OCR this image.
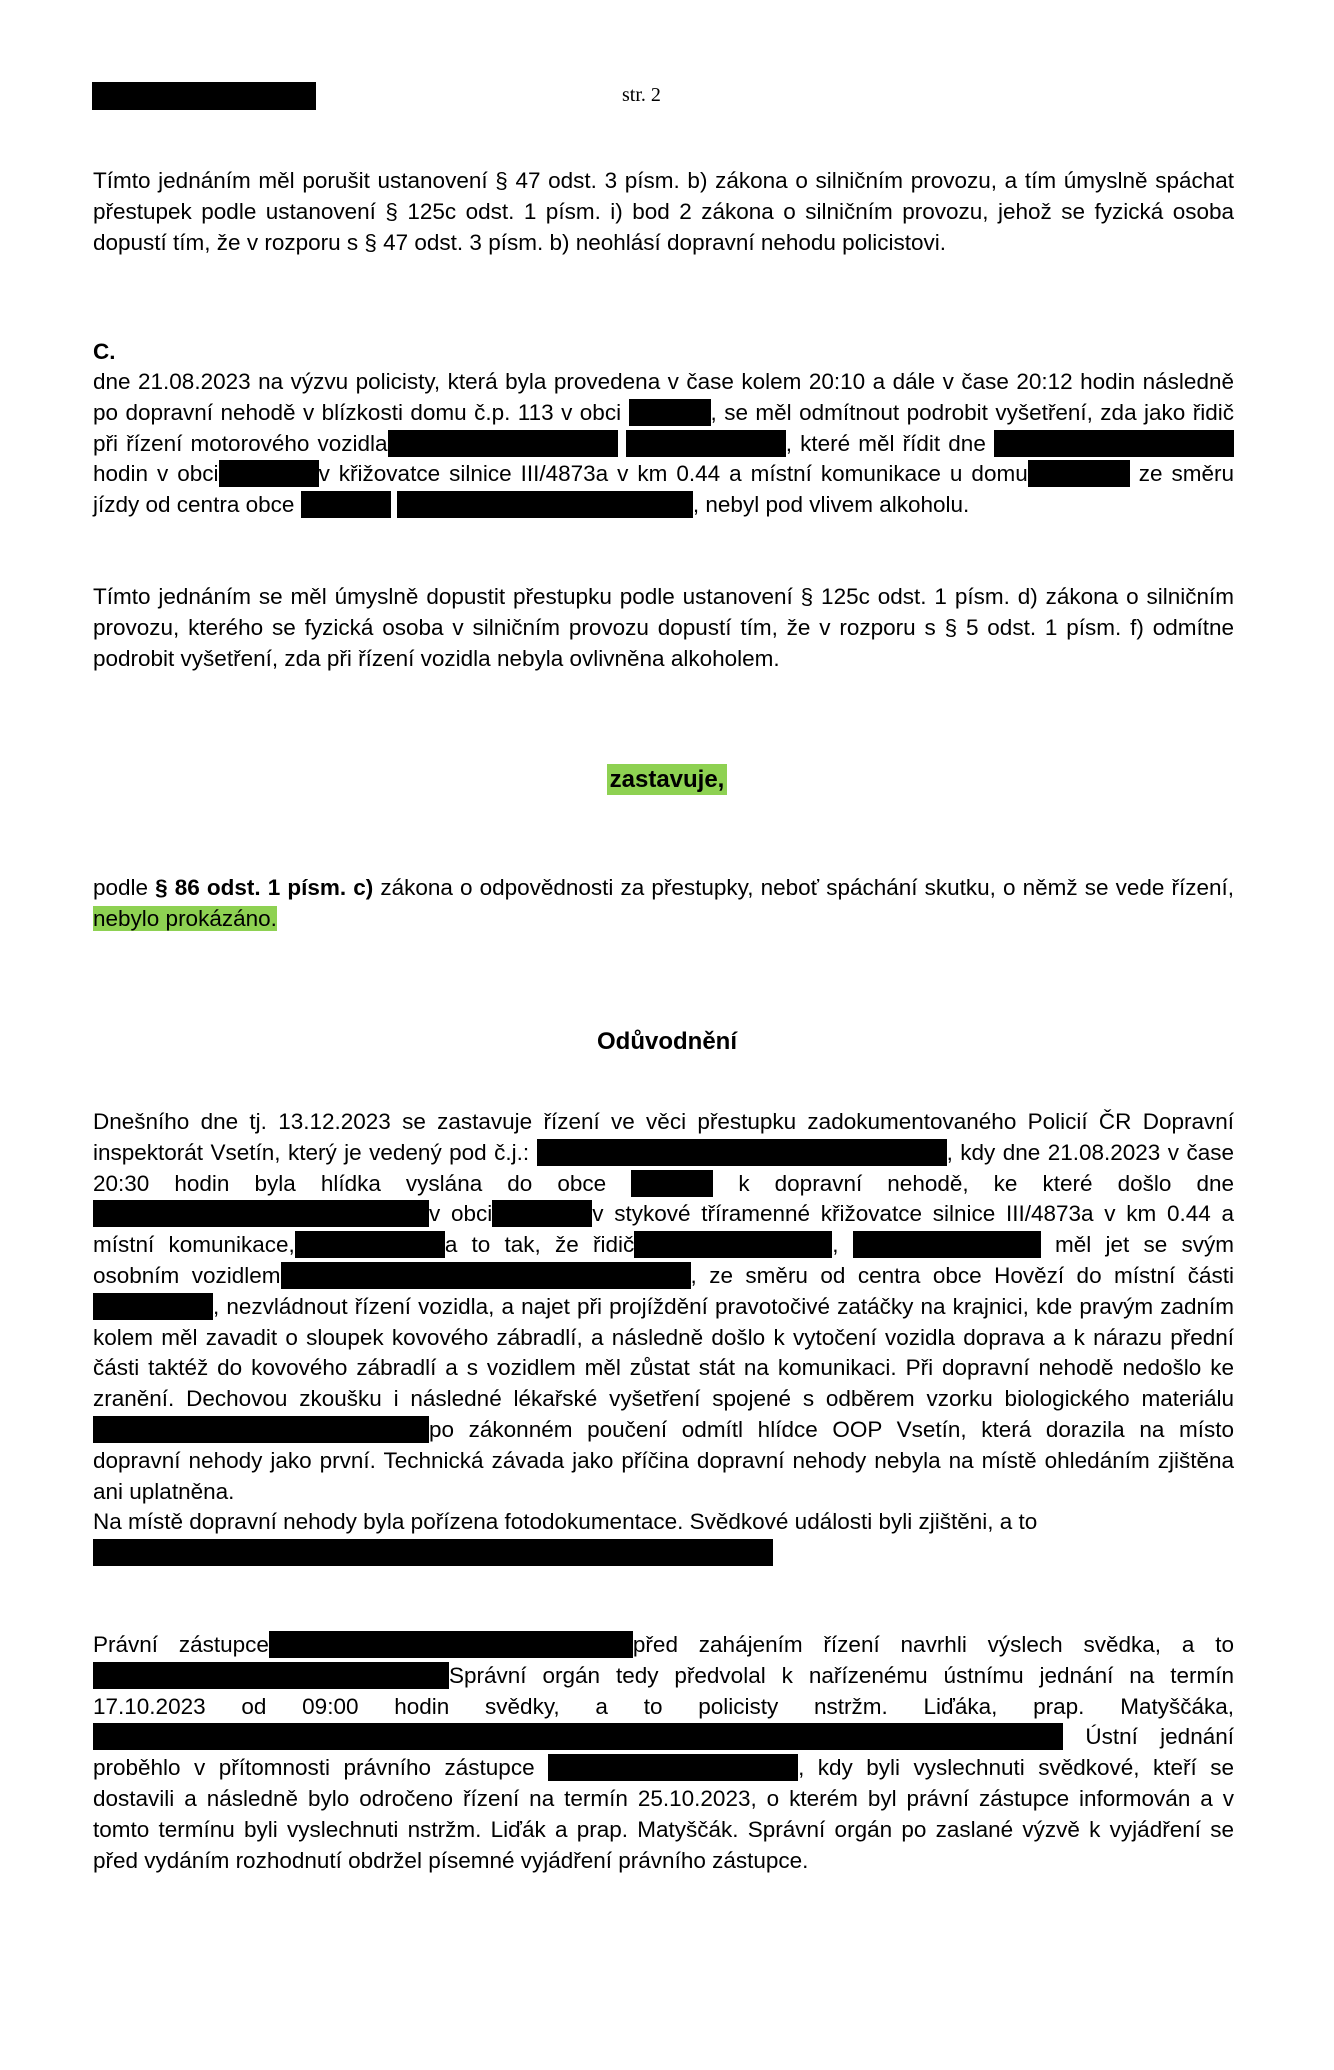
str. 2

Tímto jednáním měl porušit ustanovení § 47 odst. 3 písm. b) zákona o silničním provozu, a tím úmyslně spáchat přestupek podle ustanovení § 125c odst. 1 písm. i) bod 2 zákona o silničním provozu, jehož se fyzická osoba dopustí tím, že v rozporu s § 47 odst. 3 písm. b) neohlásí dopravní nehodu policistovi.

C.

dne 21.08.2023 na výzvu policisty, která byla provedena v čase kolem 20:10 a dále v čase 20:12 hodin následně po dopravní nehodě v blízkosti domu č.p. 113 v obci	, se měl odmítnout podrobit vyšetření, zda jako řidič při řízení motorového vozidla	, které měl řídit dne hodin v obci	v křižovatce silnice III/4873a v km 0.44 a místní komunikace u domu	ze směru jízdy od centra obce	, nebyl pod vlivem alkoholu.

Tímto jednáním se měl úmyslně dopustit přestupku podle ustanovení § 125c odst. 1 písm. d) zákona o silničním provozu, kterého se fyzická osoba v silničním provozu dopustí tím, že v rozporu s § 5 odst. 1 písm. f) odmítne podrobit vyšetření, zda při řízení vozidla nebyla ovlivněna alkoholem.

zastavuje,

podle § 86 odst. 1 písm. c) zákona o odpovědnosti za přestupky, neboť spáchání skutku, o němž se vede řízení, nebylo prokázáno.

Odůvodnění

Dnešního dne tj. 13.12.2023 se zastavuje řízení ve věci přestupku zadokumentovaného Policií ČR Dopravní inspektorát Vsetín, který je vedený pod č.j.:	, kdy dne 21.08.2023 v čase 20:30 hodin byla hlídka vyslána do obce	k dopravní nehodě, ke které došlo dnev obci	v stykové tříramenné křižovatce silnice III/4873a v km 0.44 a místní komunikace,	a to tak, že řidič	,	měl jet se svým osobním vozidlem	, ze směru od centra obce Hovězí do místní části, nezvládnout řízení vozidla, a najet při projíždění pravotočivé zatáčky na krajnici, kde pravým zadním kolem měl zavadit o sloupek kovového zábradlí, a následně došlo k vytočení vozidla doprava a k nárazu přední části taktéž do kovového zábradlí a s vozidlem měl zůstat stát na komunikaci. Při dopravní nehodě nedošlo ke zranění. Dechovou zkoušku i následné lékařské vyšetření spojené s odběrem vzorku biologického materiálu po zákonném poučení odmítl hlídce OOP Vsetín, která dorazila na místo dopravní nehody jako první. Technická závada jako příčina dopravní nehody nebyla na místě ohledáním zjištěna ani uplatněna.
Na místě dopravní nehody byla pořízena fotodokumentace. Svědkové události byli zjištěni, a to

Právní zástupce	před zahájením řízení navrhli výslech svědka, a to Správní orgán tedy předvolal k nařízenému ústnímu jednání na termín 17.10.2023 od 09:00 hodin svědky, a to policisty nstržm. Liďáka, prap. Matyščáka,  Ústní jednání proběhlo v přítomnosti právního zástupce	, kdy byli vyslechnuti svědkové, kteří se dostavili a následně bylo odročeno řízení na termín 25.10.2023, o kterém byl právní zástupce informován a v tomto termínu byli vyslechnuti nstržm. Liďák a prap. Matyščák. Správní orgán po zaslané výzvě k vyjádření se před vydáním rozhodnutí obdržel písemné vyjádření právního zástupce.
